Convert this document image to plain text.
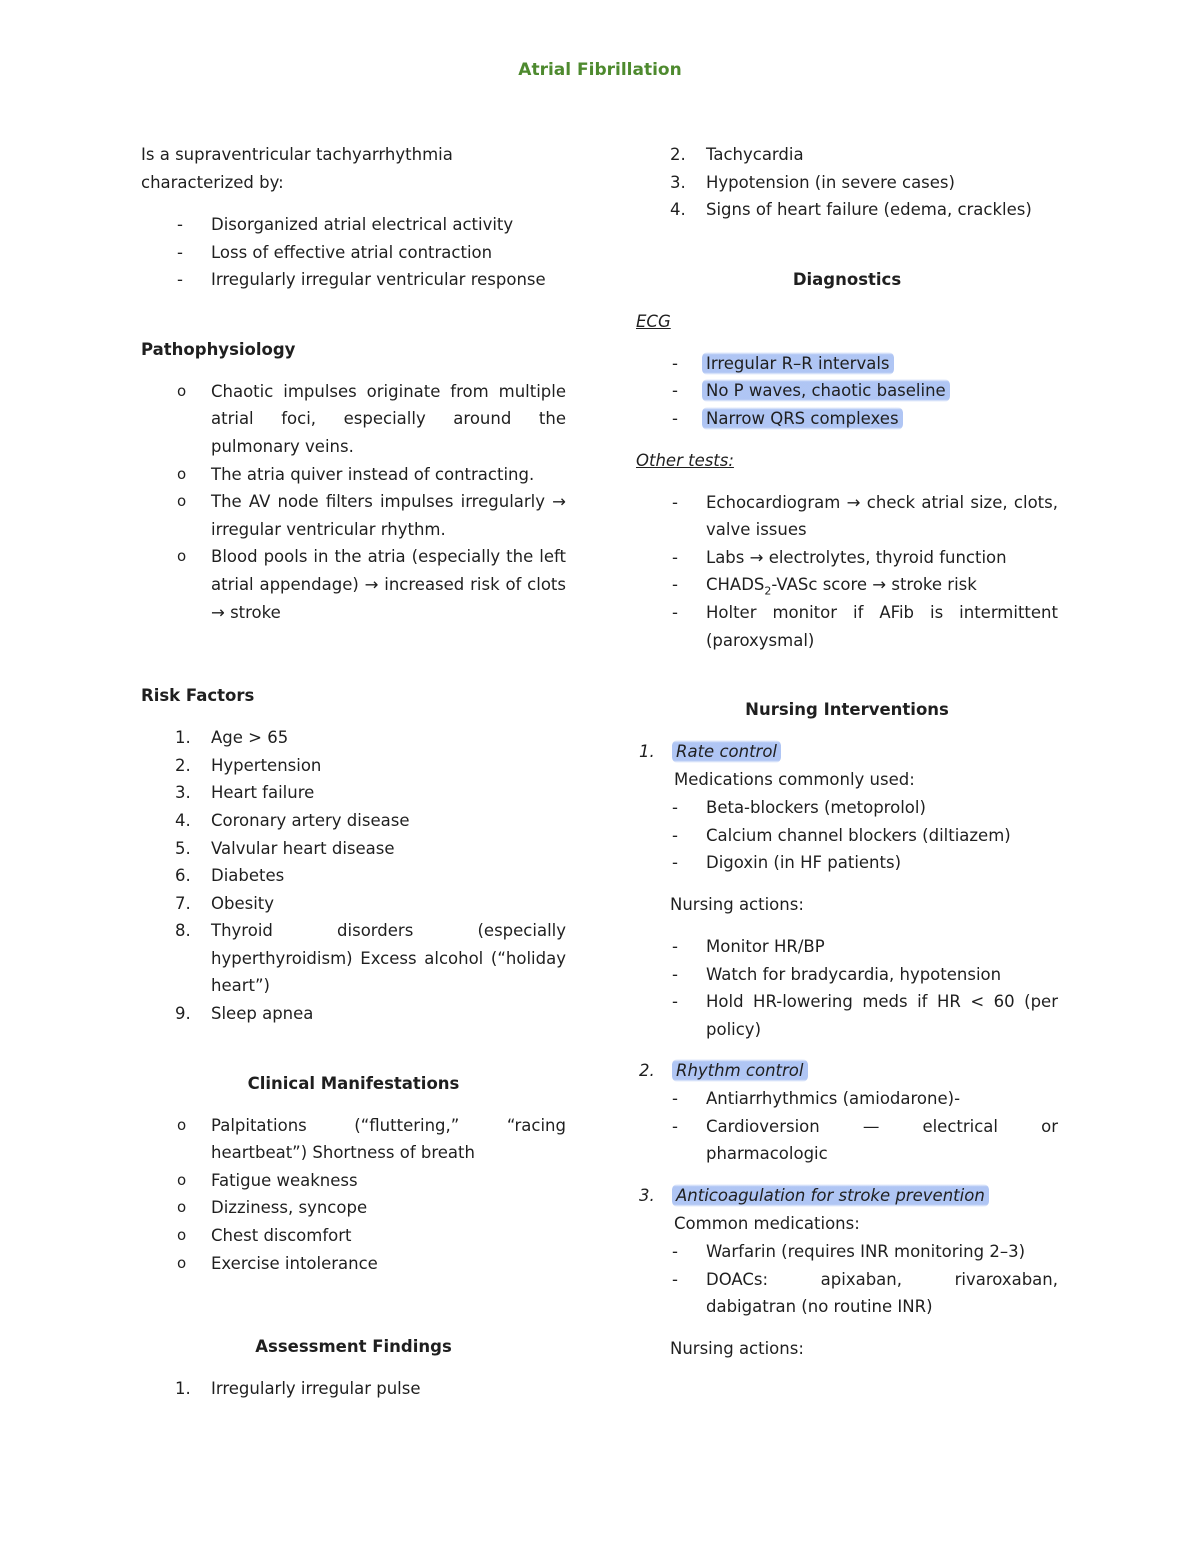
Atrial Fibrillation

Is a supraventricular tachyarrhythmia

characterized by:

- Disorganized atrial electrical activity
- Loss of effective atrial contraction
- Irregularly irregular ventricular response
Pathophysiology
o Chaotic impulses originate from multiple atrial foci, especially around the pulmonary veins.
o The atria quiver instead of contracting.
o The AV node filters impulses irregularly → irregular ventricular rhythm.
o Blood pools in the atria (especially the left atrial appendage) → increased risk of clots → stroke
Risk Factors
1. Age > 65
2. Hypertension
3. Heart failure
4. Coronary artery disease
5. Valvular heart disease
6. Diabetes
7. Obesity
8. Thyroid disorders (especially hyperthyroidism) Excess alcohol (“holiday heart”)
9. Sleep apnea
Clinical Manifestations
o Palpitations (“fluttering,” “racing heartbeat”) Shortness of breath
o Fatigue weakness
o Dizziness, syncope
o Chest discomfort
o Exercise intolerance
Assessment Findings
1. Irregularly irregular pulse
2. Tachycardia
3. Hypotension (in severe cases)
4. Signs of heart failure (edema, crackles)
Diagnostics

ECG

- Irregular R–R intervals
- No P waves, chaotic baseline
- Narrow QRS complexes

Other tests:

- Echocardiogram → check atrial size, clots, valve issues
- Labs → electrolytes, thyroid function
- $CHADS_2$-VASc score → stroke risk
- Holter monitor if AFib is intermittent (paroxysmal)
Nursing Interventions
1. Rate control
Medications commonly used:
- Beta-blockers (metoprolol)
- Calcium channel blockers (diltiazem)
- Digoxin (in HF patients)
Nursing actions:
- Monitor HR/BP
- Watch for bradycardia, hypotension
- Hold HR-lowering meds if HR < 60 (per policy)
2. Rhythm control
- Antiarrhythmics (amiodarone)-
- Cardioversion — electrical or pharmacologic
3. Anticoagulation for stroke prevention
Common medications:
- Warfarin (requires INR monitoring 2–3)
- DOACs: apixaban, rivaroxaban, dabigatran (no routine INR)
Nursing actions:
